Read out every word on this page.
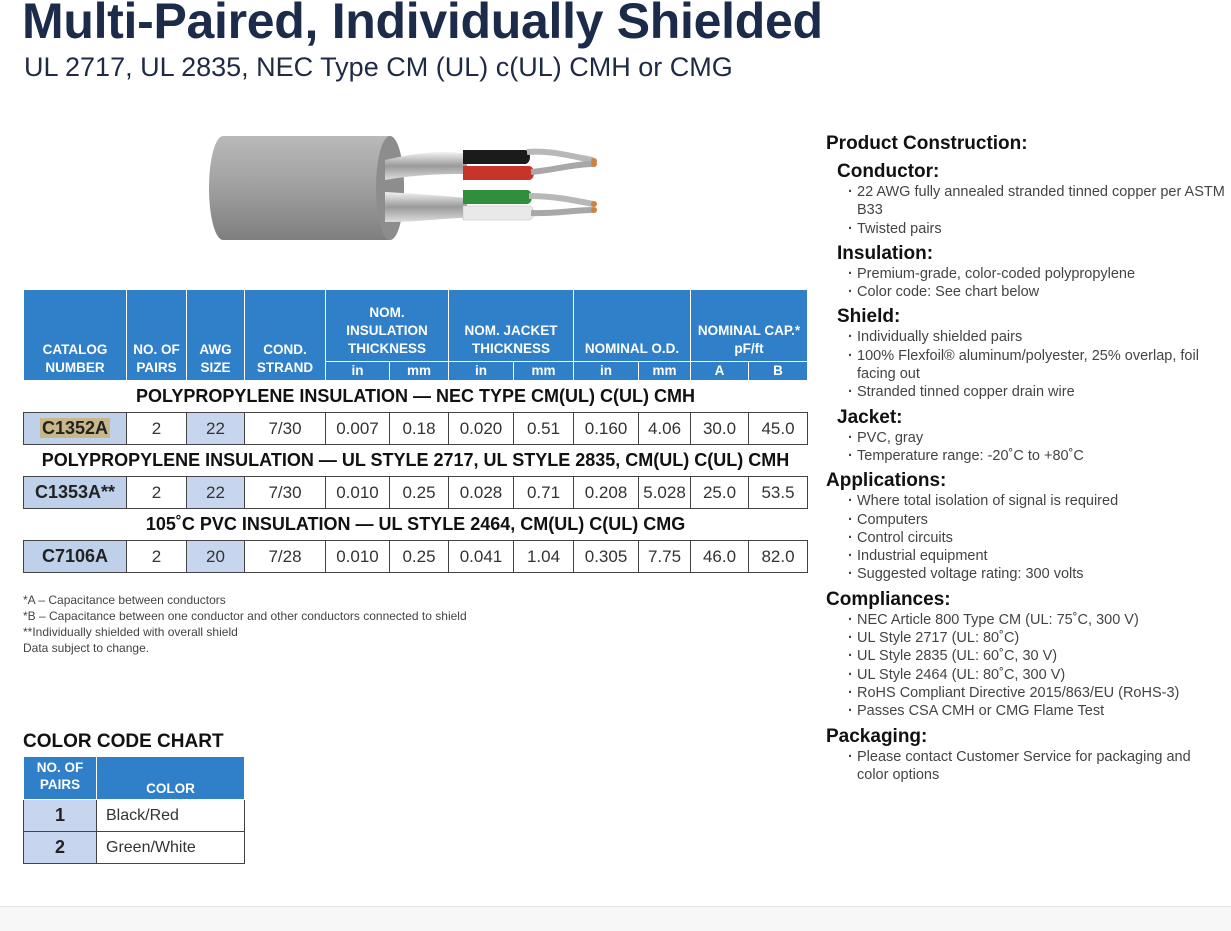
Multi-Paired, Individually Shielded
UL 2717, UL 2835, NEC Type CM (UL) c(UL) CMH or CMG
CATALOG NUMBER	NO. OF PAIRS	AWG SIZE	COND. STRAND	NOM. INSULATION THICKNESS		NOM. JACKET THICKNESS		NOMINAL O.D.		NOMINAL CAP.* pF/ft	
				in	mm	in	mm	in	mm	A	B
POLYPROPYLENE INSULATION — NEC TYPE CM(UL) C(UL) CMH											
C1352A	2	22	7/30	0.007	0.18	0.020	0.51	0.160	4.06	30.0	45.0
POLYPROPYLENE INSULATION — UL STYLE 2717, UL STYLE 2835, CM(UL) C(UL) CMH											
C1353A**	2	22	7/30	0.010	0.25	0.028	0.71	0.208	5.028	25.0	53.5
105˚C PVC INSULATION — UL STYLE 2464, CM(UL) C(UL) CMG											
C7106A	2	20	7/28	0.010	0.25	0.041	1.04	0.305	7.75	46.0	82.0
*A – Capacitance between conductors
*B – Capacitance between one conductor and other conductors connected to shield
**Individually shielded with overall shield
Data subject to change.
COLOR CODE CHART
NO. OF PAIRS	COLOR
1	Black/Red
2	Green/White
Product Construction:
Conductor:
· 22 AWG fully annealed stranded tinned copper per ASTM B33
· Twisted pairs
Insulation:
· Premium-grade, color-coded polypropylene
· Color code: See chart below
Shield:
· Individually shielded pairs
· 100% Flexfoil® aluminum/polyester, 25% overlap, foil facing out
· Stranded tinned copper drain wire
Jacket:
· PVC, gray
· Temperature range: -20˚C to +80˚C
Applications:
· Where total isolation of signal is required
· Computers
· Control circuits
· Industrial equipment
· Suggested voltage rating: 300 volts
Compliances:
· NEC Article 800 Type CM (UL: 75˚C, 300 V)
· UL Style 2717 (UL: 80˚C)
· UL Style 2835 (UL: 60˚C, 30 V)
· UL Style 2464 (UL: 80˚C, 300 V)
· RoHS Compliant Directive 2015/863/EU (RoHS-3)
· Passes CSA CMH or CMG Flame Test
Packaging:
· Please contact Customer Service for packaging and color options
